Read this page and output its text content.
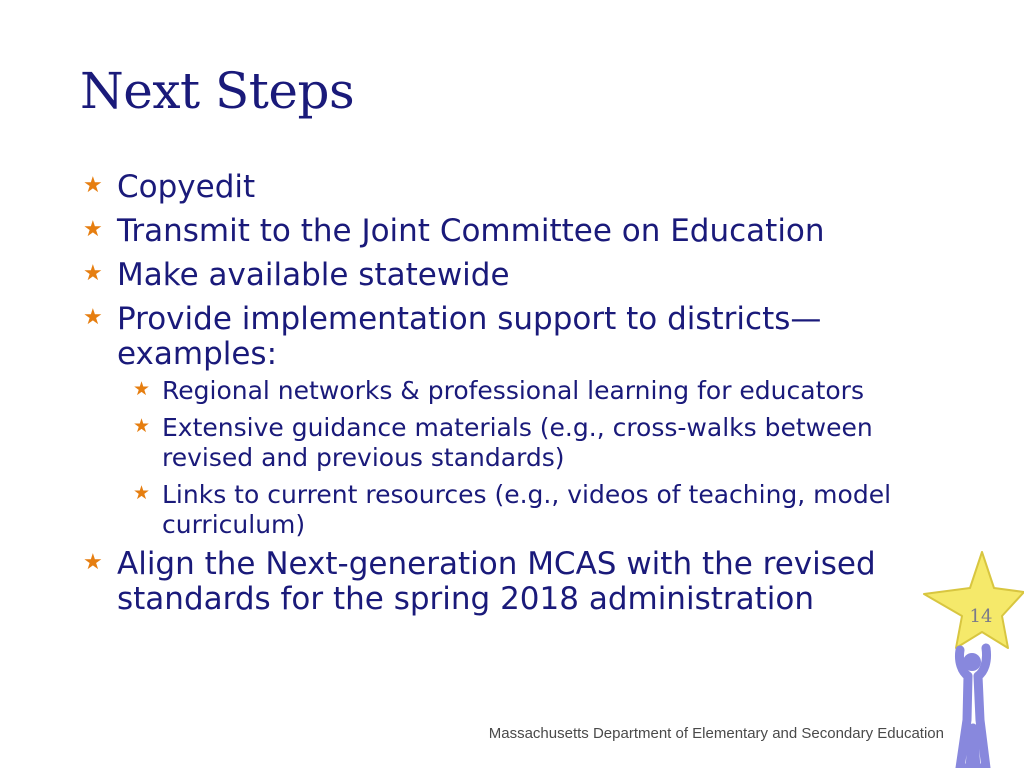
Next Steps
★ Copyedit
★ Transmit to the Joint Committee on Education
★ Make available statewide
★ Provide implementation support to districts—examples:
★ Regional networks & professional learning for educators
★ Extensive guidance materials (e.g., cross-walks between revised and previous standards)
★ Links to current resources (e.g., videos of teaching, model curriculum)
★ Align the Next-generation MCAS with the revised standards for the spring 2018 administration	14
Massachusetts Department of Elementary and Secondary Education
